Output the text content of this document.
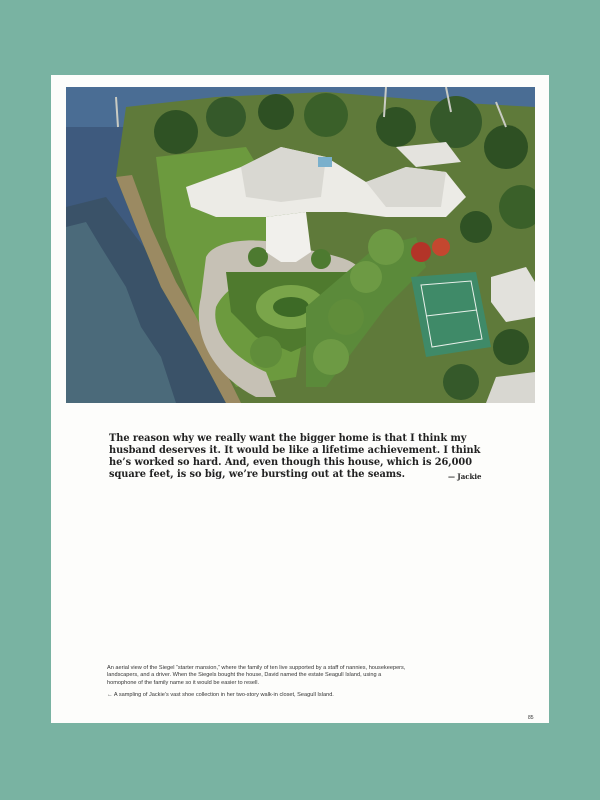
The reason why we really want the bigger home is that I think my husband deserves it. It would be like a lifetime achievement. I think he’s worked so hard. And, even though this house, which is 26,000 square feet, is so big, we’re bursting out at the seams.	— Jackie

An aerial view of the Siegel “starter mansion,” where the family of ten live supported by a staff of nannies, housekeepers, landscapers, and a driver. When the Siegels bought the house, David named the estate Seagull Island, using a homophone of the family name so it would be easier to resell.

← A sampling of Jackie’s vast shoe collection in her two-story walk-in closet, Seagull Island.

85
